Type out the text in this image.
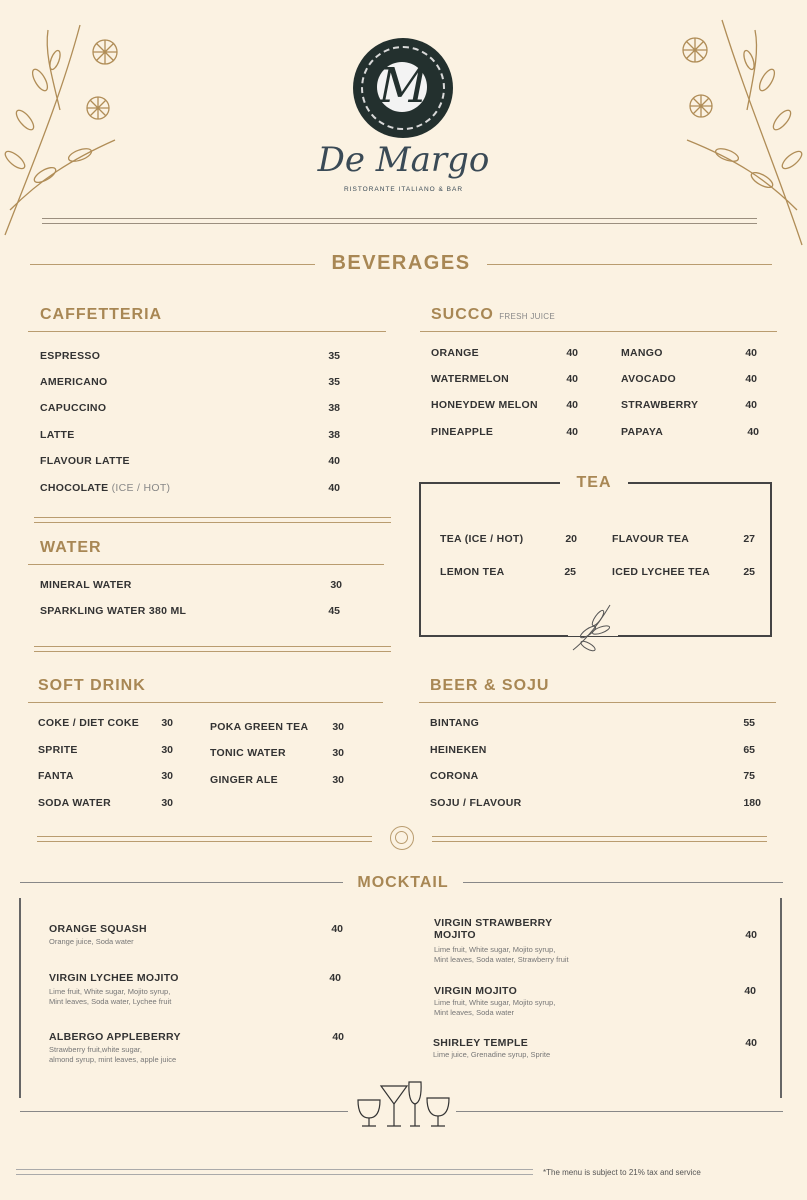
M
De Margo
RISTORANTE ITALIANO & BAR
BEVERAGES
CAFFETTERIA
ESPRESSO	35
AMERICANO	35
CAPUCCINO	38
LATTE	38
FLAVOUR LATTE	40
CHOCOLATE (ICE / HOT)	40
SUCCO FRESH JUICE
ORANGE	40
WATERMELON	40
HONEYDEW MELON	40
PINEAPPLE	40
MANGO	40
AVOCADO	40
STRAWBERRY	40
PAPAYA	40
TEA
TEA (ICE / HOT)	20	FLAVOUR TEA	27
LEMON TEA	25	ICED LYCHEE TEA	25
WATER
MINERAL WATER	30
SPARKLING WATER 380 ML	45
SOFT DRINK
COKE / DIET COKE	30
SPRITE	30
FANTA	30
SODA WATER	30
POKA GREEN TEA	30
TONIC WATER	30
GINGER ALE	30
BEER & SOJU
BINTANG	55
HEINEKEN	65
CORONA	75
SOJU / FLAVOUR	180
MOCKTAIL
ORANGE SQUASH	40
Orange juice, Soda water
VIRGIN LYCHEE MOJITO	40
Lime fruit, White sugar, Mojito syrup,
Mint leaves, Soda water, Lychee fruit
ALBERGO APPLEBERRY	40
Strawberry fruit,white sugar,
almond syrup, mint leaves, apple juice
VIRGIN STRAWBERRY
MOJITO	40
Lime fruit, White sugar, Mojito syrup,
Mint leaves, Soda water, Strawberry fruit
VIRGIN MOJITO	40
Lime fruit, White sugar, Mojito syrup,
Mint leaves, Soda water
SHIRLEY TEMPLE	40
Lime juice, Grenadine syrup, Sprite
*The menu is subject to 21% tax and service
